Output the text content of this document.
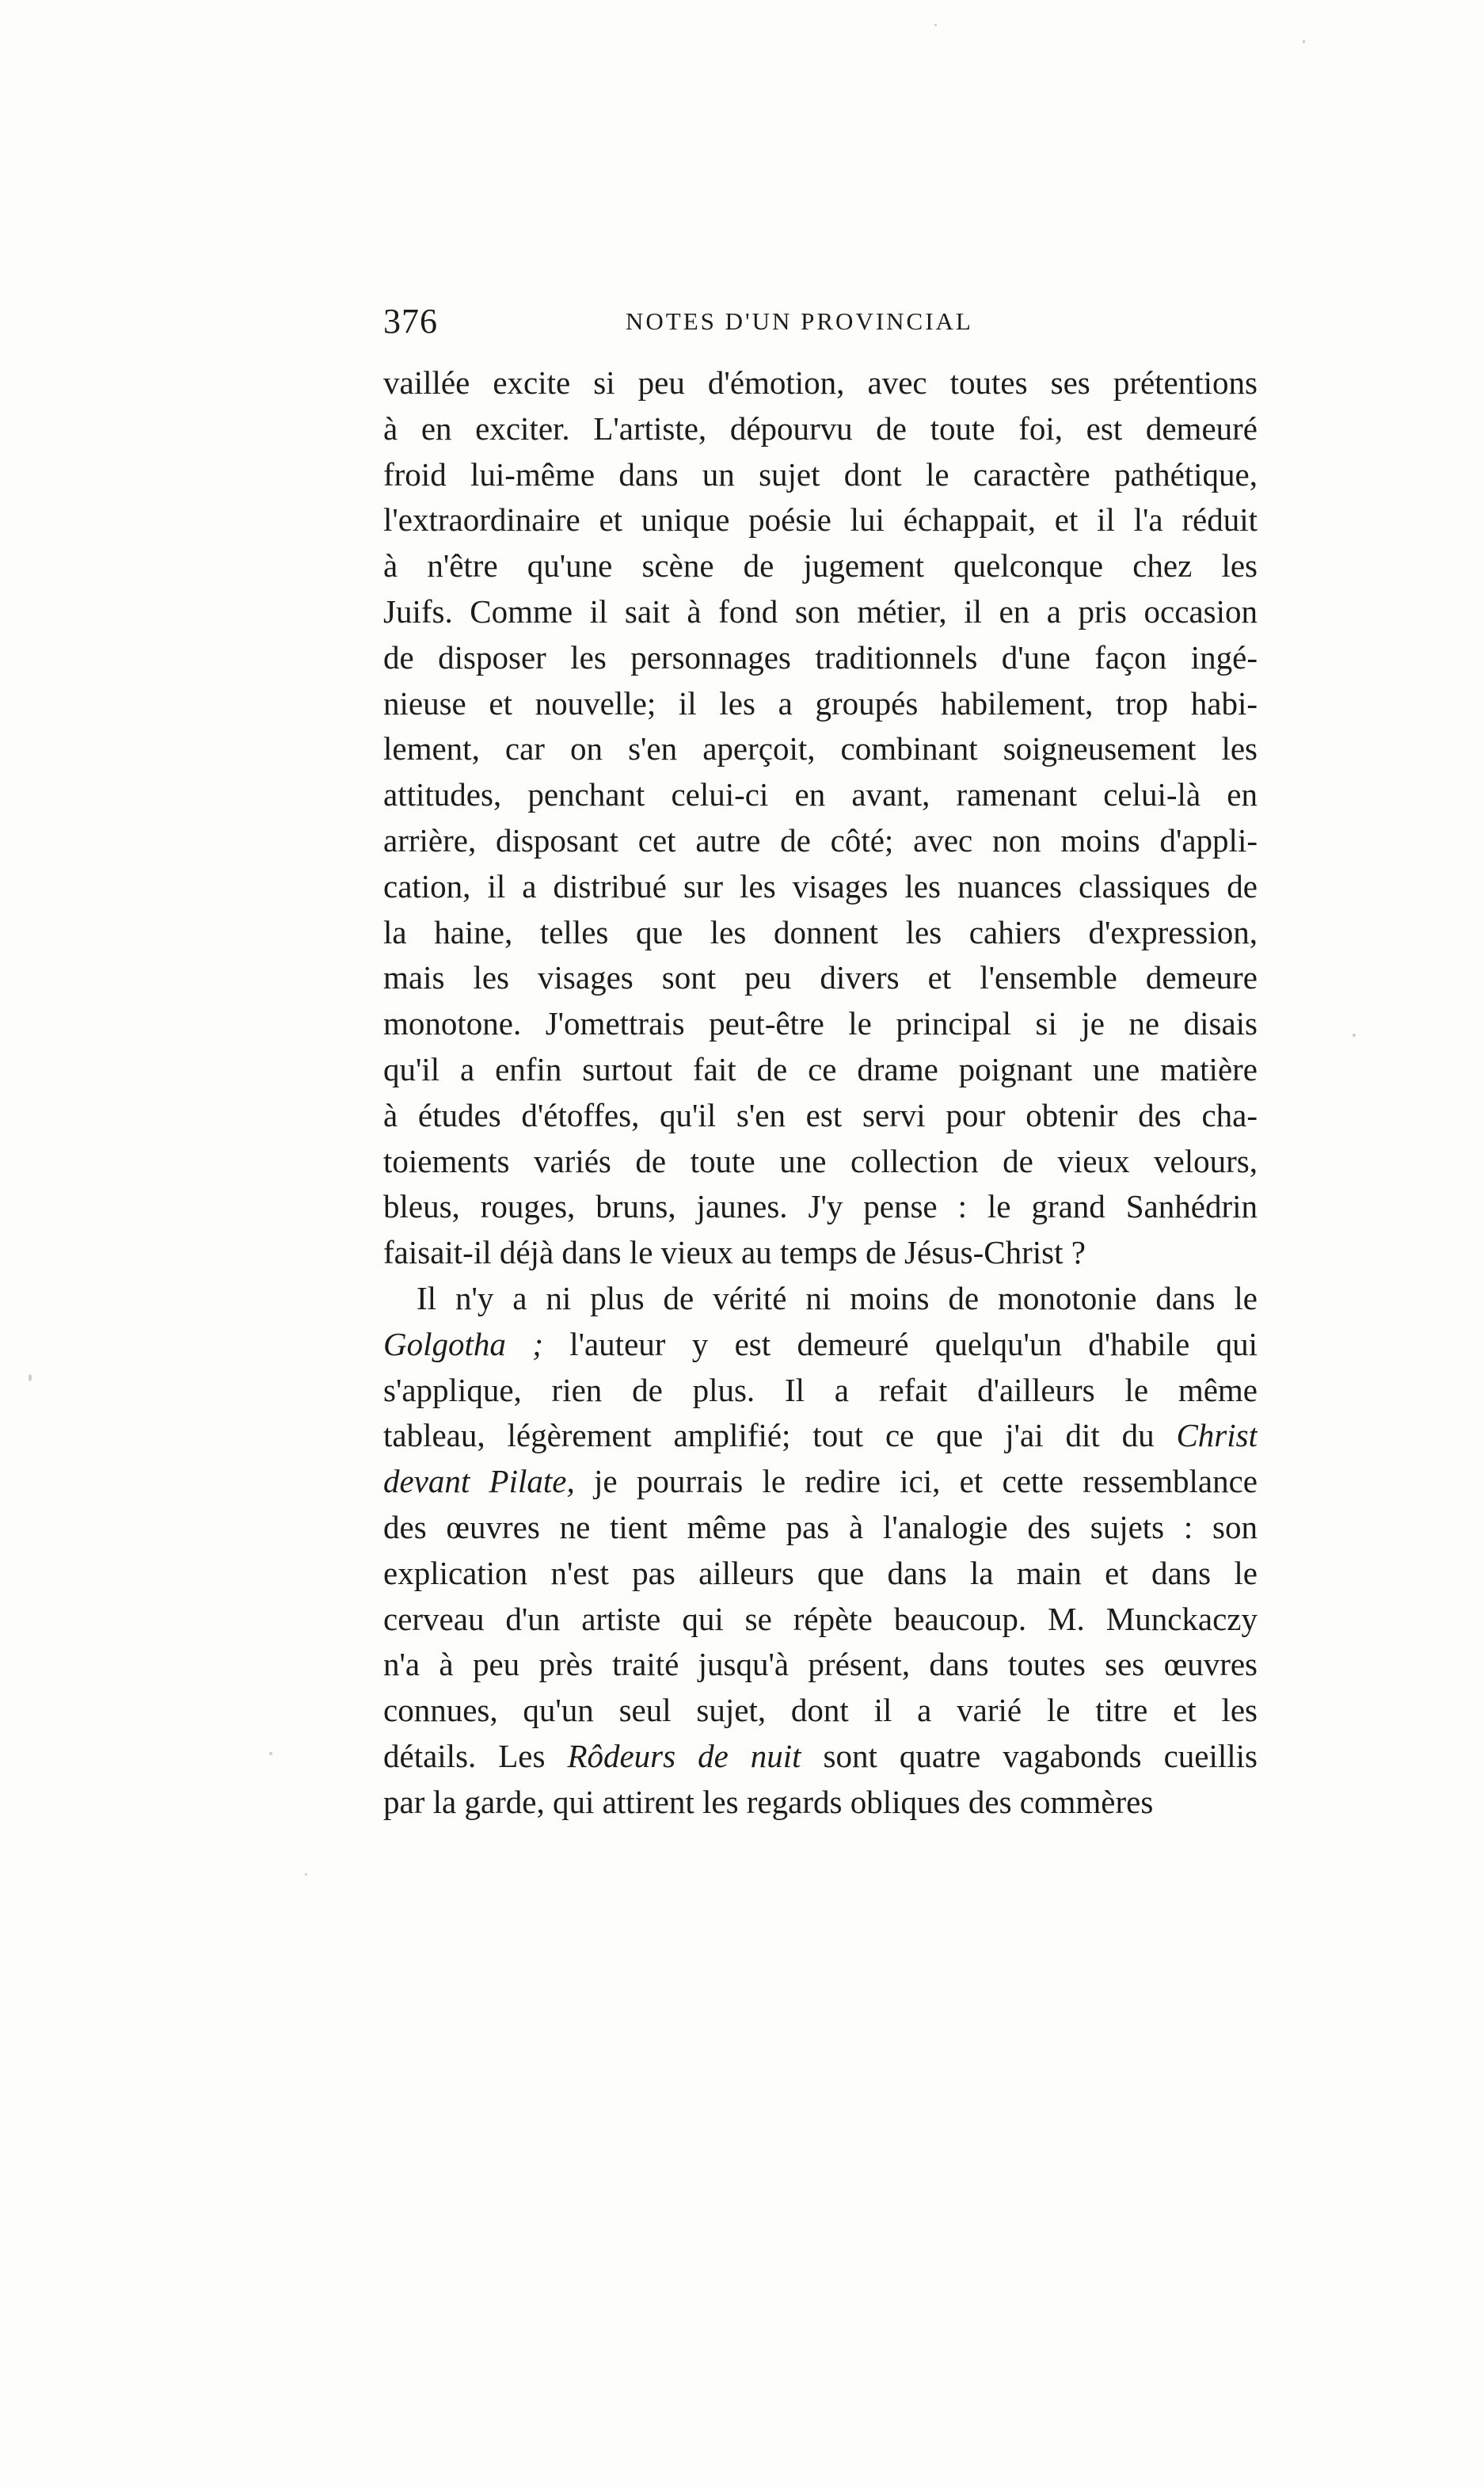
376	NOTES D'UN PROVINCIAL
vaillée excite si peu d'émotion, avec toutes ses prétentions
à en exciter. L'artiste, dépourvu de toute foi, est demeuré
froid lui-même dans un sujet dont le caractère pathétique,
l'extraordinaire et unique poésie lui échappait, et il l'a réduit
à n'être qu'une scène de jugement quelconque chez les
Juifs. Comme il sait à fond son métier, il en a pris occasion
de disposer les personnages traditionnels d'une façon ingé-
nieuse et nouvelle; il les a groupés habilement, trop habi-
lement, car on s'en aperçoit, combinant soigneusement les
attitudes, penchant celui-ci en avant, ramenant celui-là en
arrière, disposant cet autre de côté; avec non moins d'appli-
cation, il a distribué sur les visages les nuances classiques de
la haine, telles que les donnent les cahiers d'expression,
mais les visages sont peu divers et l'ensemble demeure
monotone. J'omettrais peut-être le principal si je ne disais
qu'il a enfin surtout fait de ce drame poignant une matière
à études d'étoffes, qu'il s'en est servi pour obtenir des cha-
toiements variés de toute une collection de vieux velours,
bleus, rouges, bruns, jaunes. J'y pense : le grand Sanhédrin
faisait-il déjà dans le vieux au temps de Jésus-Christ ?
Il n'y a ni plus de vérité ni moins de monotonie dans le
Golgotha ; l'auteur y est demeuré quelqu'un d'habile qui
s'applique, rien de plus. Il a refait d'ailleurs le même
tableau, légèrement amplifié; tout ce que j'ai dit du Christ
devant Pilate, je pourrais le redire ici, et cette ressemblance
des œuvres ne tient même pas à l'analogie des sujets : son
explication n'est pas ailleurs que dans la main et dans le
cerveau d'un artiste qui se répète beaucoup. M. Munckaczy
n'a à peu près traité jusqu'à présent, dans toutes ses œuvres
connues, qu'un seul sujet, dont il a varié le titre et les
détails. Les Rôdeurs de nuit sont quatre vagabonds cueillis
par la garde, qui attirent les regards obliques des commères
